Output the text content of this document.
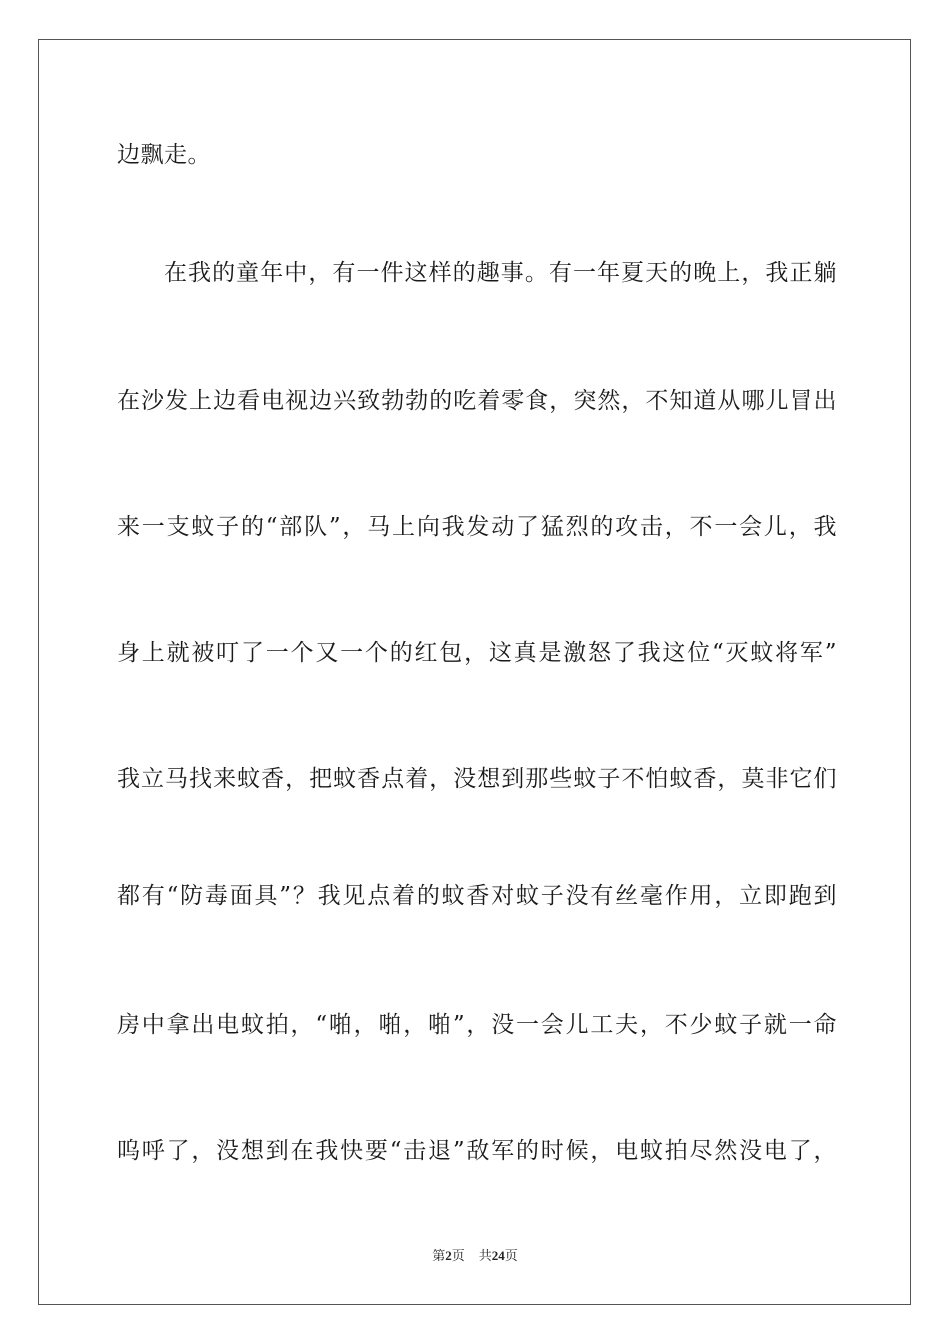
边飘走。
在我的童年中，有一件这样的趣事。有一年夏天的晚上，我正躺
在沙发上边看电视边兴致勃勃的吃着零食，突然，不知道从哪儿冒出
来一支蚊子的“部队”，马上向我发动了猛烈的攻击，不一会儿，我
身上就被叮了一个又一个的红包，这真是激怒了我这位“灭蚊将军”
我立马找来蚊香，把蚊香点着，没想到那些蚊子不怕蚊香，莫非它们
都有“防毒面具”？我见点着的蚊香对蚊子没有丝毫作用，立即跑到
房中拿出电蚊拍，“啪，啪，啪”，没一会儿工夫，不少蚊子就一命
呜呼了，没想到在我快要“击退”敌军的时候，电蚊拍尽然没电了，
第2页 共24页
